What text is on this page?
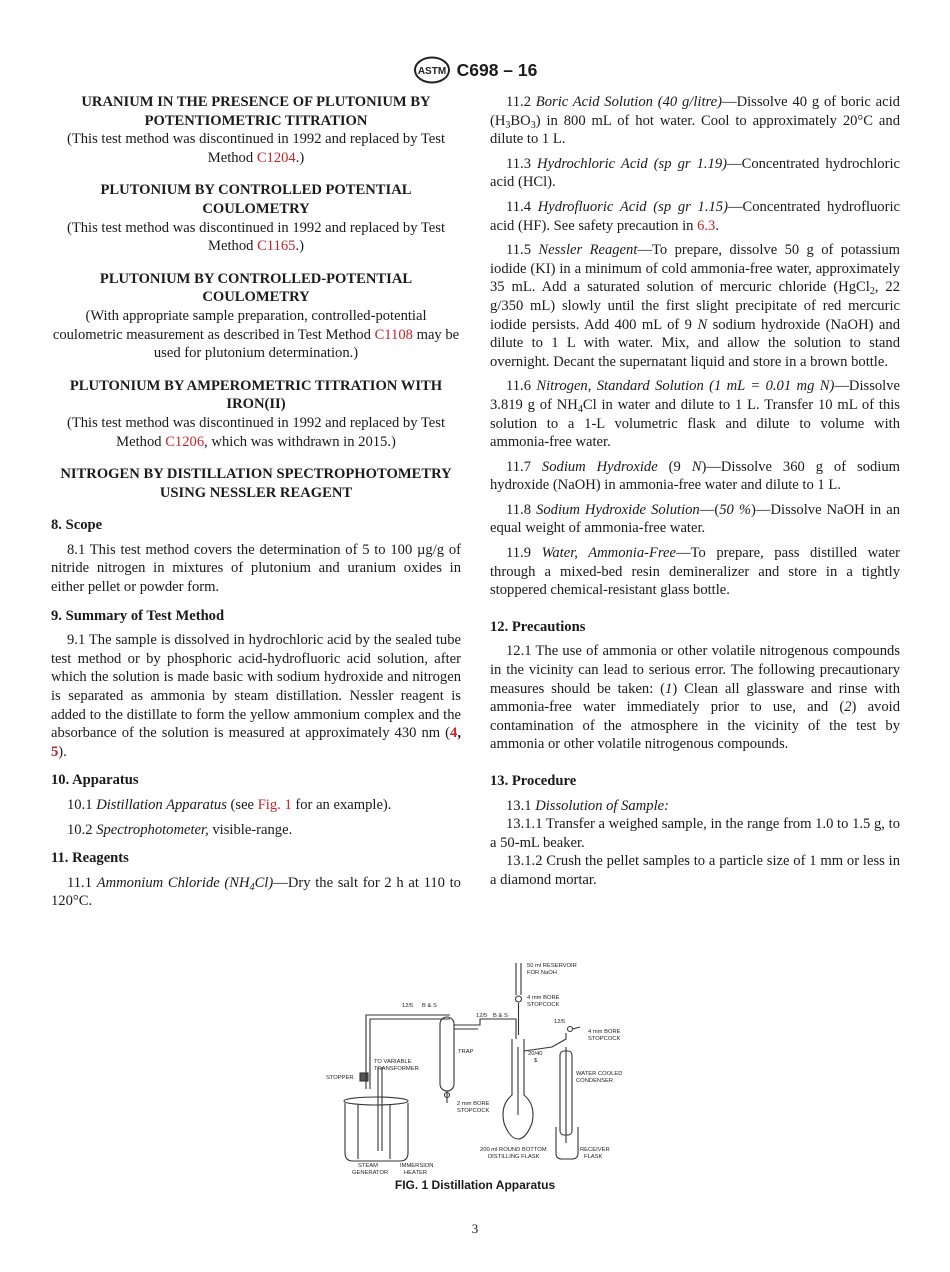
ASTM C698 – 16

URANIUM IN THE PRESENCE OF PLUTONIUM BY POTENTIOMETRIC TITRATION

(This test method was discontinued in 1992 and replaced by Test Method C1204.)

PLUTONIUM BY CONTROLLED POTENTIAL COULOMETRY

(This test method was discontinued in 1992 and replaced by Test Method C1165.)

PLUTONIUM BY CONTROLLED-POTENTIAL COULOMETRY

(With appropriate sample preparation, controlled-potential coulometric measurement as described in Test Method C1108 may be used for plutonium determination.)

PLUTONIUM BY AMPEROMETRIC TITRATION WITH IRON(II)

(This test method was discontinued in 1992 and replaced by Test Method C1206, which was withdrawn in 2015.)

NITROGEN BY DISTILLATION SPECTROPHOTOMETRY USING NESSLER REAGENT

8. Scope

8.1 This test method covers the determination of 5 to 100 µg/g of nitride nitrogen in mixtures of plutonium and uranium oxides in either pellet or powder form.

9. Summary of Test Method

9.1 The sample is dissolved in hydrochloric acid by the sealed tube test method or by phosphoric acid-hydrofluoric acid solution, after which the solution is made basic with sodium hydroxide and nitrogen is separated as ammonia by steam distillation. Nessler reagent is added to the distillate to form the yellow ammonium complex and the absorbance of the solution is measured at approximately 430 nm (4, 5).

10. Apparatus

10.1 Distillation Apparatus (see Fig. 1 for an example).

10.2 Spectrophotometer, visible-range.

11. Reagents

11.1 Ammonium Chloride $(NH_4Cl)—Dry$ the salt for 2 h at 110 to 120°C.

11.2 Boric Acid Solution (40 g/litre)—Dissolve 40 g of boric acid $(H_3BO_3)$ in 800 mL of hot water. Cool to approximately 20°C and dilute to 1 L.

11.3 Hydrochloric Acid (sp gr 1.19)—Concentrated hydrochloric acid (HCl).

11.4 Hydrofluoric Acid (sp gr 1.15)—Concentrated hydrofluoric acid (HF). See safety precaution in 6.3.

11.5 Nessler Reagent—To prepare, dissolve 50 g of potassium iodide (KI) in a minimum of cold ammonia-free water, approximately 35 mL. Add a saturated solution of mercuric chloride (HgCl$_2$, 22 g/350 mL) slowly until the first slight precipitate of red mercuric iodide persists. Add 400 mL of 9 N sodium hydroxide (NaOH) and dilute to 1 L with water. Mix, and allow the solution to stand overnight. Decant the supernatant liquid and store in a brown bottle.

11.6 Nitrogen, Standard Solution (1 mL = 0.01 mg N)—Dissolve 3.819 g of $NH_4Cl$ in water and dilute to 1 L. Transfer 10 mL of this solution to a 1-L volumetric flask and dilute to volume with ammonia-free water.

11.7 Sodium Hydroxide (9 N)—Dissolve 360 g of sodium hydroxide (NaOH) in ammonia-free water and dilute to 1 L.

11.8 Sodium Hydroxide Solution—(50 %)—Dissolve NaOH in an equal weight of ammonia-free water.

11.9 Water, Ammonia-Free—To prepare, pass distilled water through a mixed-bed resin demineralizer and store in a tightly stoppered chemical-resistant glass bottle.

12. Precautions

12.1 The use of ammonia or other volatile nitrogenous compounds in the vicinity can lead to serious error. The following precautionary measures should be taken: (1) Clean all glassware and rinse with ammonia-free water immediately prior to use, and (2) avoid contamination of the atmosphere in the vicinity of the test by ammonia or other volatile nitrogenous compounds.

13. Procedure

13.1 Dissolution of Sample:

13.1.1 Transfer a weighed sample, in the range from 1.0 to 1.5 g, to a 50-mL beaker.

13.1.2 Crush the pellet samples to a particle size of 1 mm or less in a diamond mortar.

50 ml RESERVOIR
FOR NaOH
4 mm BORE
STOPCOCK
4 mm BORE
STOPCOCK
12/5 B & S
12/5 B & S
12/5
TRAP	20/40
$
TO VARIABLE
TRANSFORMER
STOPPER
2 mm BORE
STOPCOCK
WATER COOLED
CONDENSER
200 ml ROUND BOTTOM
DISTILLING FLASK
RECEIVER
FLASK
STEAM
GENERATOR
IMMERSION
HEATER
FIG. 1 Distillation Apparatus
3
